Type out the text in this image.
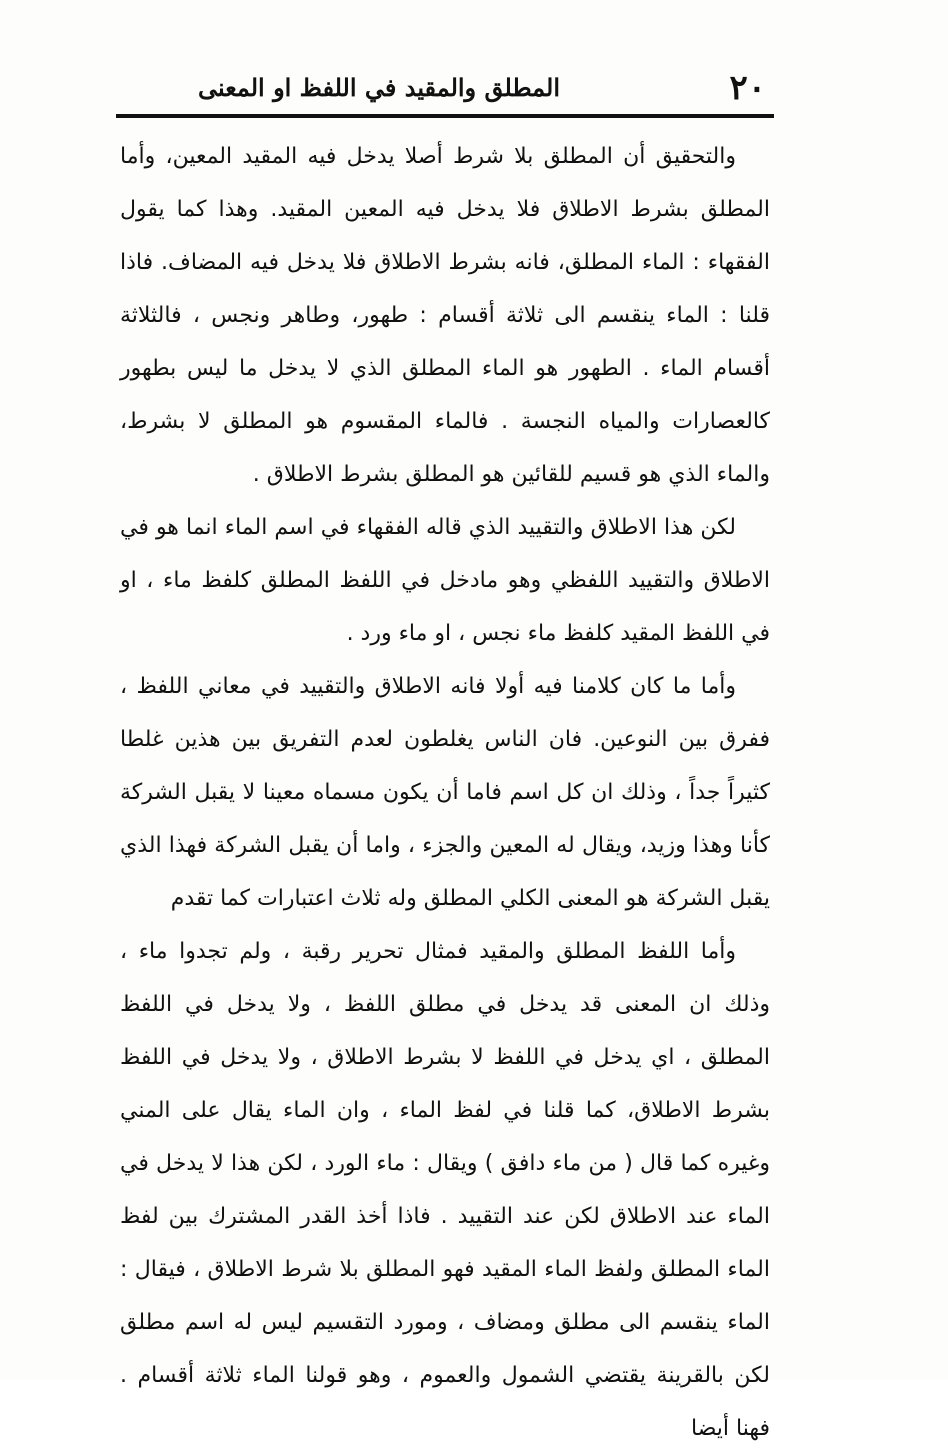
٢٠
المطلق والمقيد في اللفظ او المعنى

والتحقيق أن المطلق بلا شرط أصلا يدخل فيه المقيد المعين، وأما المطلق بشرط الاطلاق فلا يدخل فيه المعين المقيد. وهذا كما يقول الفقهاء : الماء المطلق، فانه بشرط الاطلاق فلا يدخل فيه المضاف. فاذا قلنا : الماء ينقسم الى ثلاثة أقسام : طهور، وطاهر ونجس ، فالثلاثة أقسام الماء . الطهور هو الماء المطلق الذي لا يدخل ما ليس بطهور كالعصارات والمياه النجسة . فالماء المقسوم هو المطلق لا بشرط، والماء الذي هو قسيم للقائين هو المطلق بشرط الاطلاق .

لكن هذا الاطلاق والتقييد الذي قاله الفقهاء في اسم الماء انما هو في الاطلاق والتقييد اللفظي وهو مادخل في اللفظ المطلق كلفظ ماء ، او في اللفظ المقيد كلفظ ماء نجس ، او ماء ورد .

وأما ما كان كلامنا فيه أولا فانه الاطلاق والتقييد في معاني اللفظ ، ففرق بين النوعين. فان الناس يغلطون لعدم التفريق بين هذين غلطا كثيراً جداً ، وذلك ان كل اسم فاما أن يكون مسماه معينا لا يقبل الشركة كأنا وهذا وزيد، ويقال له المعين والجزء ، واما أن يقبل الشركة فهذا الذي يقبل الشركة هو المعنى الكلي المطلق وله ثلاث اعتبارات كما تقدم

وأما اللفظ المطلق والمقيد فمثال تحرير رقبة ، ولم تجدوا ماء ، وذلك ان المعنى قد يدخل في مطلق اللفظ ، ولا يدخل في اللفظ المطلق ، اي يدخل في اللفظ لا بشرط الاطلاق ، ولا يدخل في اللفظ بشرط الاطلاق، كما قلنا في لفظ الماء ، وان الماء يقال على المني وغيره كما قال ( من ماء دافق ) ويقال : ماء الورد ، لكن هذا لا يدخل في الماء عند الاطلاق لكن عند التقييد . فاذا أخذ القدر المشترك بين لفظ الماء المطلق ولفظ الماء المقيد فهو المطلق بلا شرط الاطلاق ، فيقال : الماء ينقسم الى مطلق ومضاف ، ومورد التقسيم ليس له اسم مطلق لكن بالقرينة يقتضي الشمول والعموم ، وهو قولنا الماء ثلاثة أقسام . فهنا أيضا
